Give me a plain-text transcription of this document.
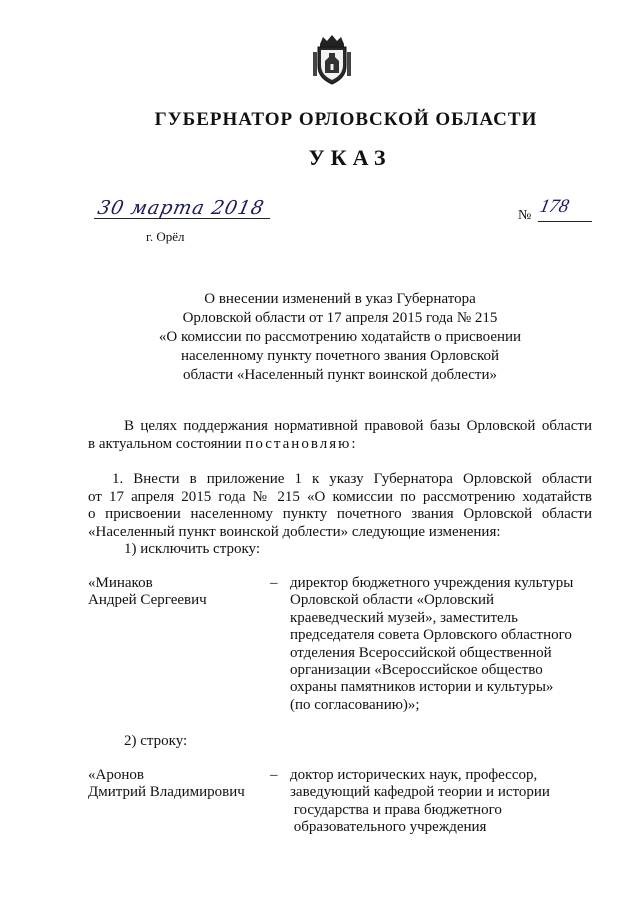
ГУБЕРНАТОР ОРЛОВСКОЙ ОБЛАСТИ
УКАЗ
30 марта 2018
г. Орёл
№ 178
О внесении изменений в указ Губернатора
Орловской области от 17 апреля 2015 года № 215
«О комиссии по рассмотрению ходатайств о присвоении
населенному пункту почетного звания Орловской
области «Населенный пункт воинской доблести»
В целях поддержания нормативной правовой базы Орловской области
в актуальном состоянии постановляю:
1. Внести в приложение 1 к указу Губернатора Орловской области
от 17 апреля 2015 года № 215 «О комиссии по рассмотрению ходатайств
о присвоении населенному пункту почетного звания Орловской области
«Населенный пункт воинской доблести» следующие изменения:
1) исключить строку:
«Минаков
Андрей Сергеевич
– директор бюджетного учреждения культуры
Орловской области «Орловский
краеведческий музей», заместитель
председателя совета Орловского областного
отделения Всероссийской общественной
организации «Всероссийское общество
охраны памятников истории и культуры»
(по согласованию)»;
2) строку:
«Аронов
Дмитрий Владимирович
– доктор исторических наук, профессор,
заведующий кафедрой теории и истории
государства и права бюджетного
образовательного учреждения
